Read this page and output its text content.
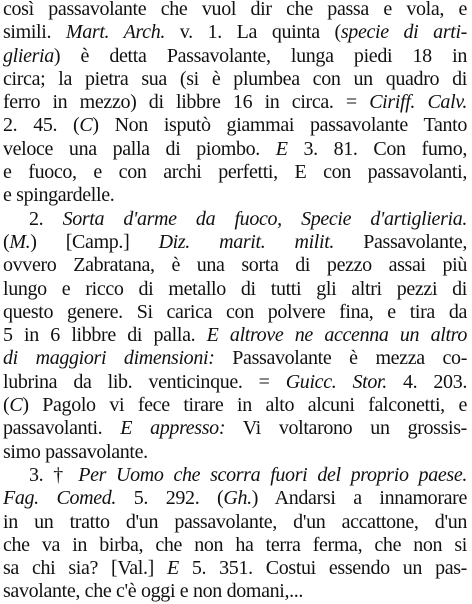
così passavolante che vuol dir che passa e vola, e
simili. Mart. Arch. v. 1. La quinta (specie di arti-
glieria) è detta Passavolante, lunga piedi 18 in
circa; la pietra sua (si è plumbea con un quadro di
ferro in mezzo) di libbre 16 in circa. = Ciriff. Calv.
2. 45. (C) Non isputò giammai passavolante Tanto
veloce una palla di piombo. E 3. 81. Con fumo,
e fuoco, e con archi perfetti, E con passavolanti,
e spingardelle.
2. Sorta d'arme da fuoco, Specie d'artiglieria.
(M.) [Camp.] Diz. marit. milit. Passavolante,
ovvero Zabratana, è una sorta di pezzo assai più
lungo e ricco di metallo di tutti gli altri pezzi di
questo genere. Si carica con polvere fina, e tira da
5 in 6 libbre di palla. E altrove ne accenna un altro
di maggiori dimensioni: Passavolante è mezza co-
lubrina da lib. venticinque. = Guicc. Stor. 4. 203.
(C) Pagolo vi fece tirare in alto alcuni falconetti, e
passavolanti. E appresso: Vi voltarono un grossis-
simo passavolante.
3. † Per Uomo che scorra fuori del proprio paese.
Fag. Comed. 5. 292. (Gh.) Andarsi a innamorare
in un tratto d'un passavolante, d'un accattone, d'un
che va in birba, che non ha terra ferma, che non si
sa chi sia? [Val.] E 5. 351. Costui essendo un pas-
savolante, che c'è oggi e non domani,...
